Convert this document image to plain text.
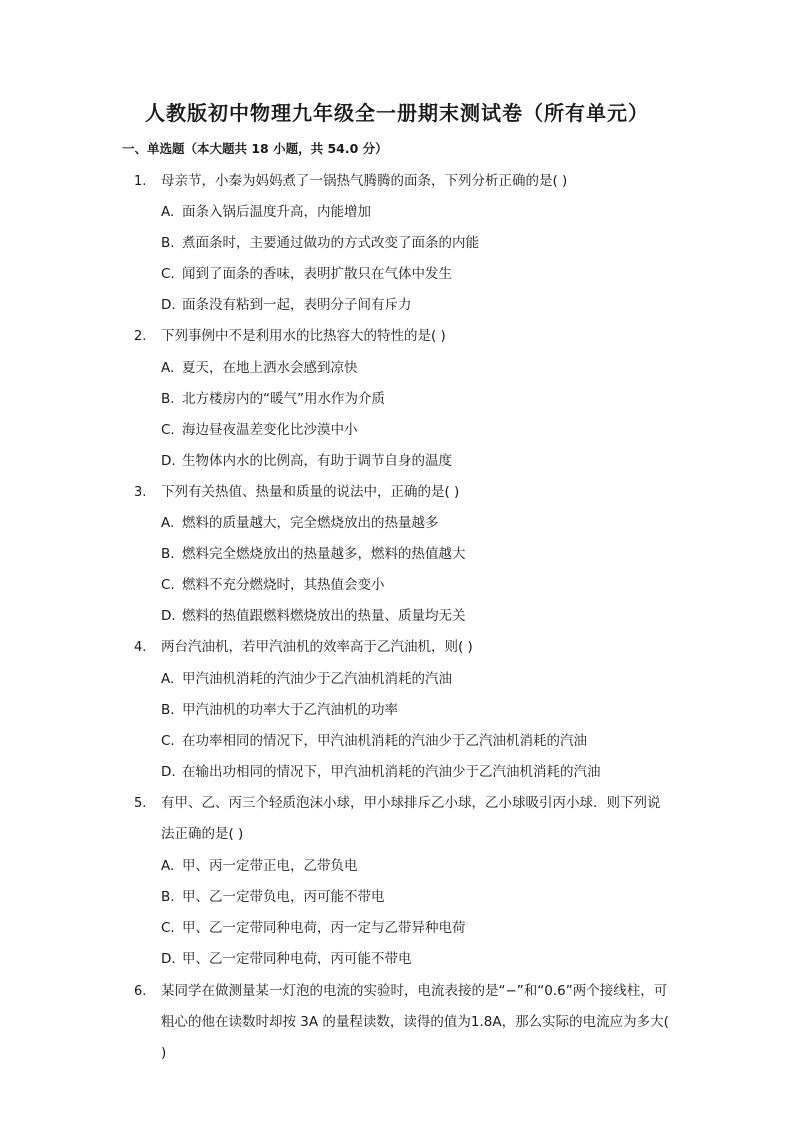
人教版初中物理九年级全一册期末测试卷（所有单元）
一、单选题（本大题共 18 小题，共 54.0 分）
1. 母亲节，小秦为妈妈煮了一锅热气腾腾的面条，下列分析正确的是( )
A. 面条入锅后温度升高，内能增加
B. 煮面条时，主要通过做功的方式改变了面条的内能
C. 闻到了面条的香味，表明扩散只在气体中发生
D. 面条没有粘到一起，表明分子间有斥力
2. 下列事例中不是利用水的比热容大的特性的是( )
A. 夏天，在地上洒水会感到凉快
B. 北方楼房内的“暖气”用水作为介质
C. 海边昼夜温差变化比沙漠中小
D. 生物体内水的比例高，有助于调节自身的温度
3. 下列有关热值、热量和质量的说法中，正确的是( )
A. 燃料的质量越大，完全燃烧放出的热量越多
B. 燃料完全燃烧放出的热量越多，燃料的热值越大
C. 燃料不充分燃烧时，其热值会变小
D. 燃料的热值跟燃料燃烧放出的热量、质量均无关
4. 两台汽油机，若甲汽油机的效率高于乙汽油机，则( )
A. 甲汽油机消耗的汽油少于乙汽油机消耗的汽油
B. 甲汽油机的功率大于乙汽油机的功率
C. 在功率相同的情况下，甲汽油机消耗的汽油少于乙汽油机消耗的汽油
D. 在输出功相同的情况下，甲汽油机消耗的汽油少于乙汽油机消耗的汽油
5. 有甲、乙、丙三个轻质泡沫小球，甲小球排斥乙小球，乙小球吸引丙小球．则下列说法正确的是( )
A. 甲、丙一定带正电，乙带负电
B. 甲、乙一定带负电，丙可能不带电
C. 甲、乙一定带同种电荷，丙一定与乙带异种电荷
D. 甲、乙一定带同种电荷，丙可能不带电
6. 某同学在做测量某一灯泡的电流的实验时，电流表接的是“−”和“0.6”两个接线柱，可粗心的他在读数时却按 3A 的量程读数，读得的值为1.8A，那么实际的电流应为多大( )
